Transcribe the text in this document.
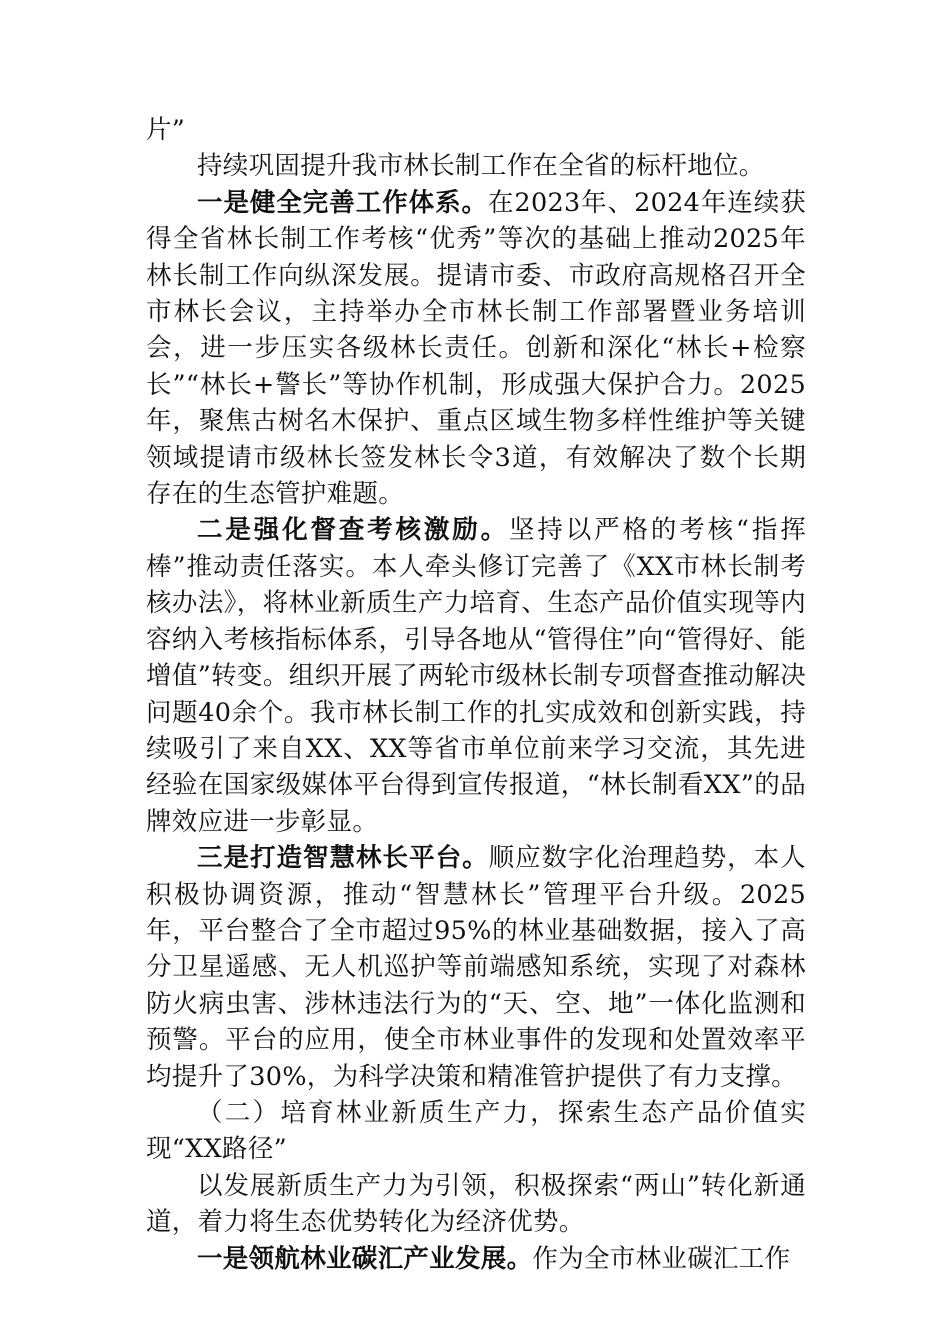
片”

持续巩固提升我市林长制工作在全省的标杆地位。

一是健全完善工作体系。在2023年、2024年连续获得全省林长制工作考核“优秀”等次的基础上推动2025年林长制工作向纵深发展。提请市委、市政府高规格召开全市林长会议，主持举办全市林长制工作部署暨业务培训会，进一步压实各级林长责任。创新和深化“林长+检察长”“林长+警长”等协作机制，形成强大保护合力。2025年，聚焦古树名木保护、重点区域生物多样性维护等关键领域提请市级林长签发林长令3道，有效解决了数个长期存在的生态管护难题。

二是强化督查考核激励。坚持以严格的考核“指挥棒”推动责任落实。本人牵头修订完善了《XX市林长制考核办法》，将林业新质生产力培育、生态产品价值实现等内容纳入考核指标体系，引导各地从“管得住”向“管得好、能增值”转变。组织开展了两轮市级林长制专项督查推动解决问题40余个。我市林长制工作的扎实成效和创新实践，持续吸引了来自XX、XX等省市单位前来学习交流，其先进经验在国家级媒体平台得到宣传报道，“林长制看XX”的品牌效应进一步彰显。

三是打造智慧林长平台。顺应数字化治理趋势，本人积极协调资源，推动“智慧林长”管理平台升级。2025年，平台整合了全市超过95%的林业基础数据，接入了高分卫星遥感、无人机巡护等前端感知系统，实现了对森林防火病虫害、涉林违法行为的“天、空、地”一体化监测和预警。平台的应用，使全市林业事件的发现和处置效率平均提升了30%，为科学决策和精准管护提供了有力支撑。

（二）培育林业新质生产力，探索生态产品价值实现“XX路径”

以发展新质生产力为引领，积极探索“两山”转化新通道，着力将生态优势转化为经济优势。

一是领航林业碳汇产业发展。作为全市林业碳汇工作
